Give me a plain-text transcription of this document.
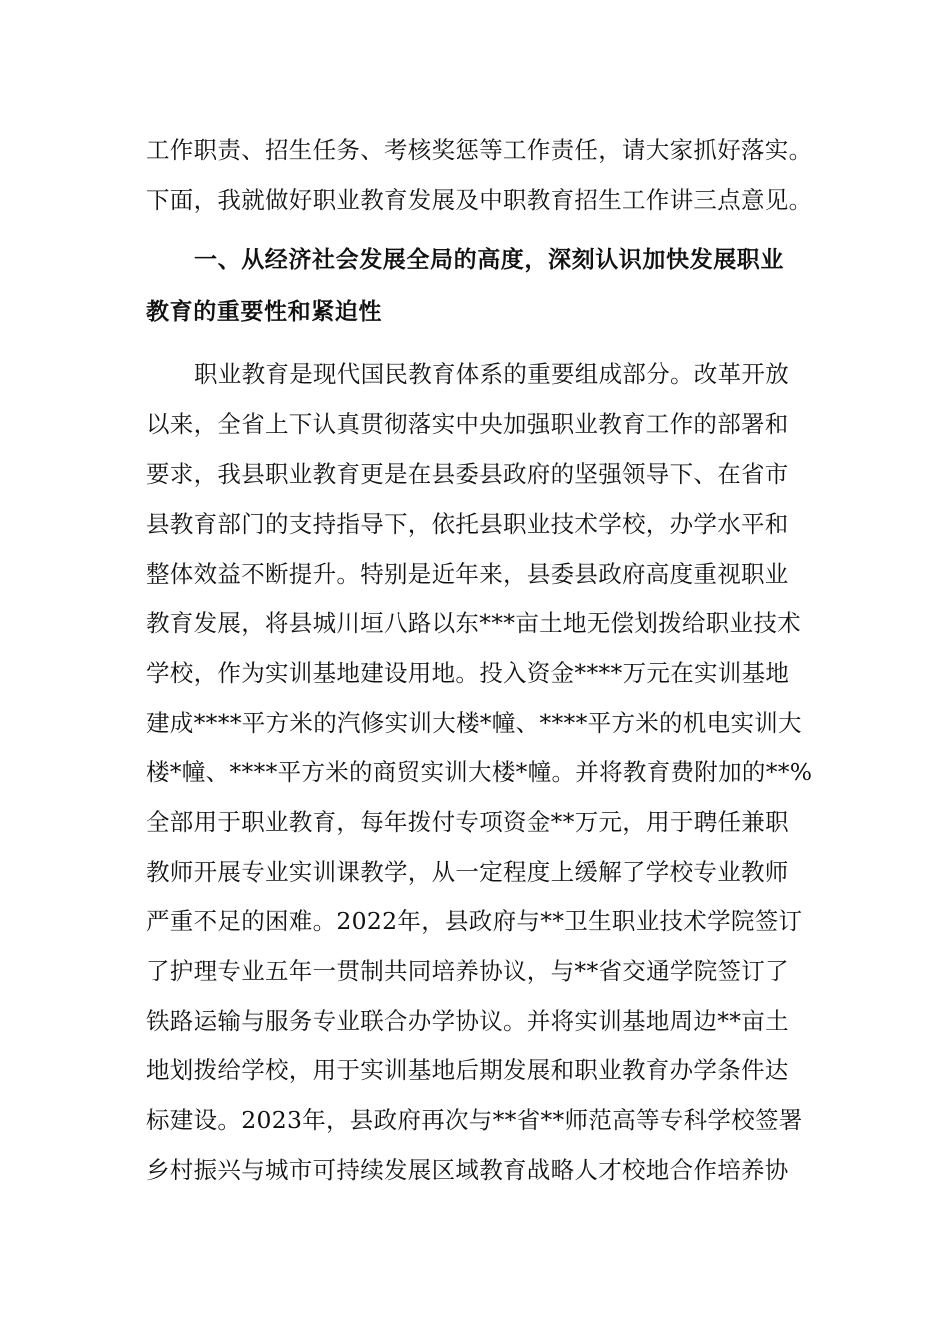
工作职责、招生任务、考核奖惩等工作责任，请大家抓好落实。
下面，我就做好职业教育发展及中职教育招生工作讲三点意见。
一、从经济社会发展全局的高度，深刻认识加快发展职业
教育的重要性和紧迫性
职业教育是现代国民教育体系的重要组成部分。改革开放
以来，全省上下认真贯彻落实中央加强职业教育工作的部署和
要求，我县职业教育更是在县委县政府的坚强领导下、在省市
县教育部门的支持指导下，依托县职业技术学校，办学水平和
整体效益不断提升。特别是近年来，县委县政府高度重视职业
教育发展，将县城川垣八路以东***亩土地无偿划拨给职业技术
学校，作为实训基地建设用地。投入资金****万元在实训基地
建成****平方米的汽修实训大楼*幢、****平方米的机电实训大
楼*幢、****平方米的商贸实训大楼*幢。并将教育费附加的**%
全部用于职业教育，每年拨付专项资金**万元，用于聘任兼职
教师开展专业实训课教学，从一定程度上缓解了学校专业教师
严重不足的困难。2022年，县政府与**卫生职业技术学院签订
了护理专业五年一贯制共同培养协议，与**省交通学院签订了
铁路运输与服务专业联合办学协议。并将实训基地周边**亩土
地划拨给学校，用于实训基地后期发展和职业教育办学条件达
标建设。2023年，县政府再次与**省**师范高等专科学校签署
乡村振兴与城市可持续发展区域教育战略人才校地合作培养协
